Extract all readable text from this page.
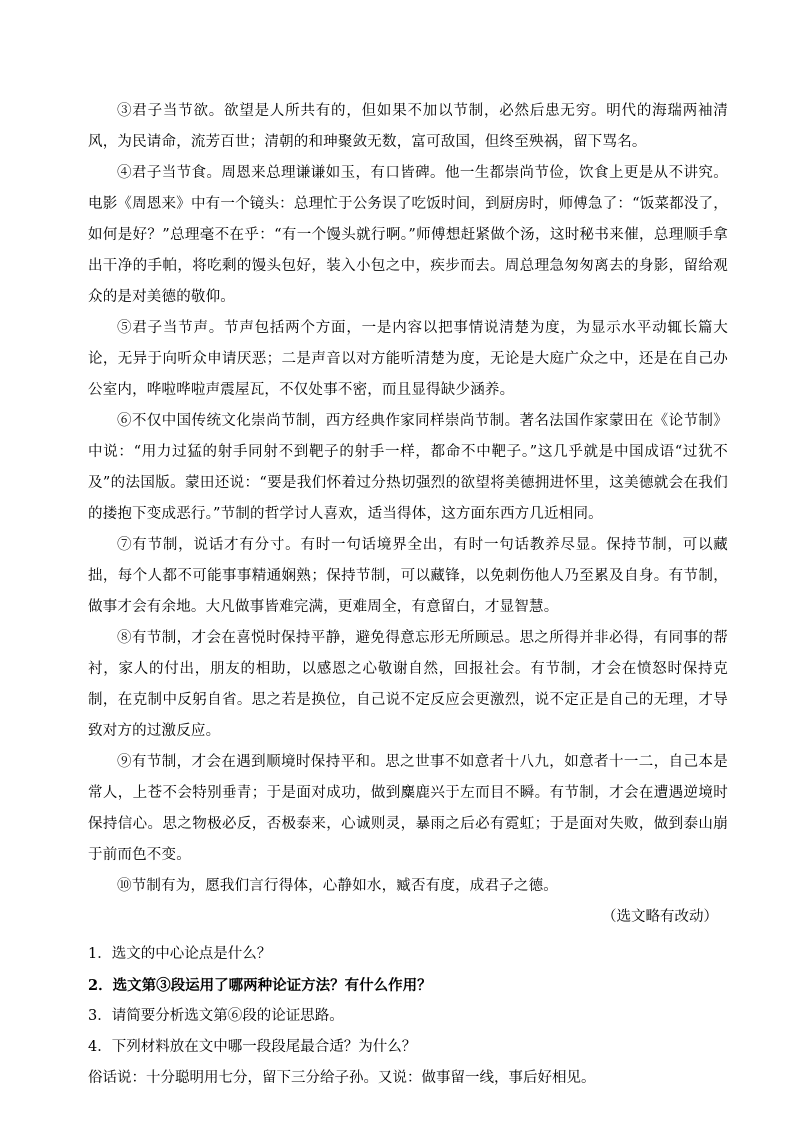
③君子当节欲。欲望是人所共有的，但如果不加以节制，必然后患无穷。明代的海瑞两袖清风，为民请命，流芳百世；清朝的和珅聚敛无数，富可敌国，但终至殃祸，留下骂名。

④君子当节食。周恩来总理谦谦如玉，有口皆碑。他一生都崇尚节俭，饮食上更是从不讲究。电影《周恩来》中有一个镜头：总理忙于公务误了吃饭时间，到厨房时，师傅急了：“饭菜都没了，如何是好？”总理毫不在乎：“有一个馒头就行啊。”师傅想赶紧做个汤，这时秘书来催，总理顺手拿出干净的手帕，将吃剩的馒头包好，装入小包之中，疾步而去。周总理急匆匆离去的身影，留给观众的是对美德的敬仰。

⑤君子当节声。节声包括两个方面，一是内容以把事情说清楚为度，为显示水平动辄长篇大论，无异于向听众申请厌恶；二是声音以对方能听清楚为度，无论是大庭广众之中，还是在自己办公室内，哗啦哗啦声震屋瓦，不仅处事不密，而且显得缺少涵养。

⑥不仅中国传统文化崇尚节制，西方经典作家同样崇尚节制。著名法国作家蒙田在《论节制》中说：“用力过猛的射手同射不到靶子的射手一样，都命不中靶子。”这几乎就是中国成语“过犹不及”的法国版。蒙田还说：“要是我们怀着过分热切强烈的欲望将美德拥进怀里，这美德就会在我们的搂抱下变成恶行。”节制的哲学讨人喜欢，适当得体，这方面东西方几近相同。

⑦有节制，说话才有分寸。有时一句话境界全出，有时一句话教养尽显。保持节制，可以藏拙，每个人都不可能事事精通娴熟；保持节制，可以藏锋，以免刺伤他人乃至累及自身。有节制，做事才会有余地。大凡做事皆难完满，更难周全，有意留白，才显智慧。

⑧有节制，才会在喜悦时保持平静，避免得意忘形无所顾忌。思之所得并非必得，有同事的帮衬，家人的付出，朋友的相助，以感恩之心敬谢自然，回报社会。有节制，才会在愤怒时保持克制，在克制中反躬自省。思之若是换位，自己说不定反应会更激烈，说不定正是自己的无理，才导致对方的过激反应。

⑨有节制，才会在遇到顺境时保持平和。思之世事不如意者十八九，如意者十一二，自己本是常人，上苍不会特别垂青；于是面对成功，做到麋鹿兴于左而目不瞬。有节制，才会在遭遇逆境时保持信心。思之物极必反，否极泰来，心诚则灵，暴雨之后必有霓虹；于是面对失败，做到泰山崩于前而色不变。

⑩节制有为，愿我们言行得体，心静如水，臧否有度，成君子之德。

（选文略有改动）

1．选文的中心论点是什么？

2．选文第③段运用了哪两种论证方法？有什么作用？

3．请简要分析选文第⑥段的论证思路。

4．下列材料放在文中哪一段段尾最合适？为什么？

俗话说：十分聪明用七分，留下三分给子孙。又说：做事留一线，事后好相见。
